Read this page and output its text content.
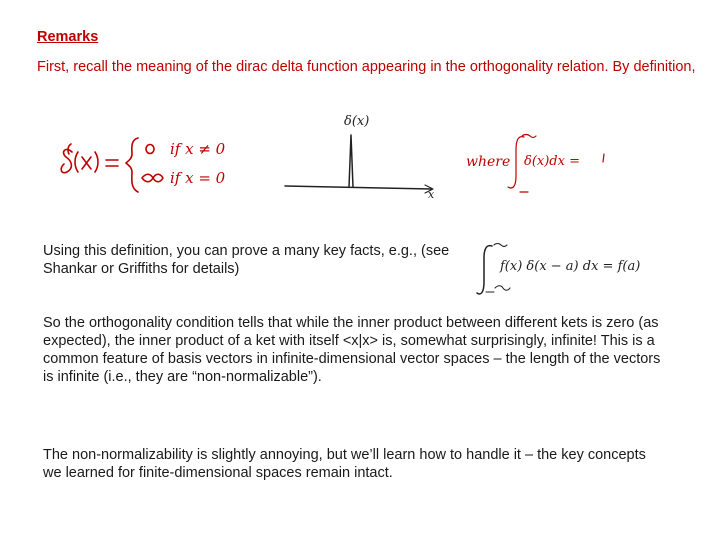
Remarks
First, recall the meaning of the dirac delta function appearing in the orthogonality relation. By definition,
if x ≠ 0
if x = 0
δ(x)
x
where δ(x)dx =
Using this definition, you can prove a many key facts, e.g., (see Shankar or Griffiths for details)	f(x) δ(x − a) dx = f(a)
So the orthogonality condition tells that while the inner product between different kets is zero (as expected), the inner product of a ket with itself <x|x> is, somewhat surprisingly, infinite! This is a common feature of basis vectors in infinite-dimensional vector spaces – the length of the vectors is infinite (i.e., they are “non-normalizable”).
The non-normalizability is slightly annoying, but we’ll learn how to handle it – the key concepts we learned for finite-dimensional spaces remain intact.
